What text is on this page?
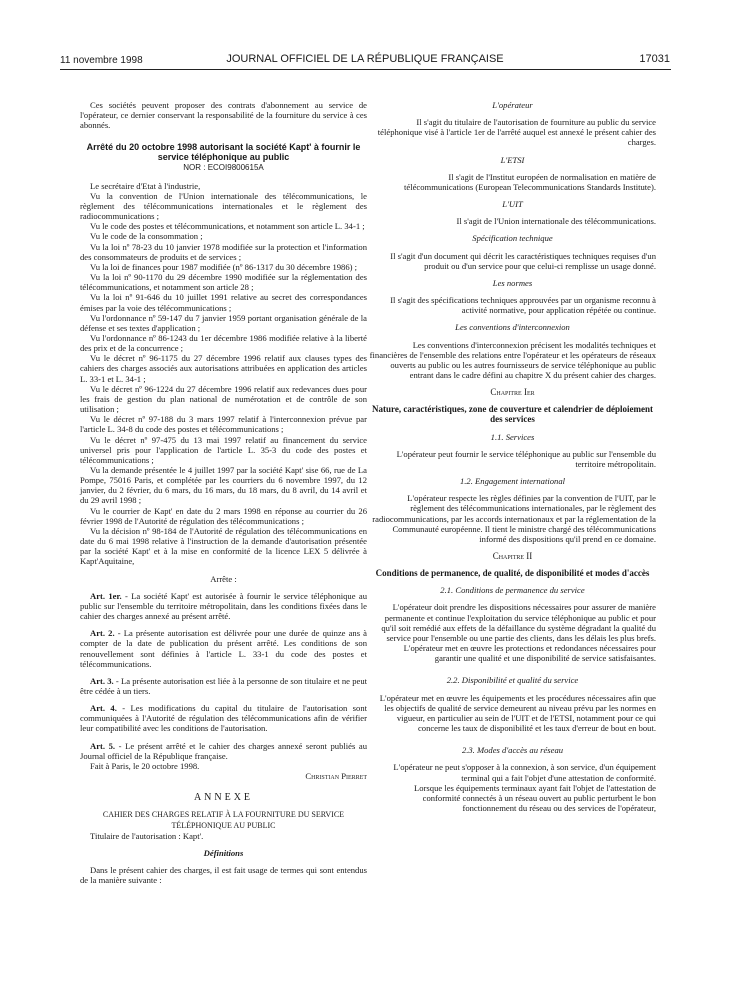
11 novembre 1998	JOURNAL OFFICIEL DE LA RÉPUBLIQUE FRANÇAISE	17031

Ces sociétés peuvent proposer des contrats d'abonnement au service de l'opérateur, ce dernier conservant la responsabilité de la fourniture du service à ces abonnés.

Arrêté du 20 octobre 1998 autorisant la société Kapt' à fournir le service téléphonique au public

NOR : ECOI9800615A

Le secrétaire d'Etat à l'industrie,

Vu la convention de l'Union internationale des télécommunications, le règlement des télécommunications internationales et le règlement des radiocommunications ;

Vu le code des postes et télécommunications, et notamment son article L. 34-1 ;

Vu le code de la consommation ;

Vu la loi nº 78-23 du 10 janvier 1978 modifiée sur la protection et l'information des consommateurs de produits et de services ;

Vu la loi de finances pour 1987 modifiée (nº 86-1317 du 30 décembre 1986) ;

Vu la loi nº 90-1170 du 29 décembre 1990 modifiée sur la réglementation des télécommunications, et notamment son article 28 ;

Vu la loi nº 91-646 du 10 juillet 1991 relative au secret des correspondances émises par la voie des télécommunications ;

Vu l'ordonnance nº 59-147 du 7 janvier 1959 portant organisation générale de la défense et ses textes d'application ;

Vu l'ordonnance nº 86-1243 du 1er décembre 1986 modifiée relative à la liberté des prix et de la concurrence ;

Vu le décret nº 96-1175 du 27 décembre 1996 relatif aux clauses types des cahiers des charges associés aux autorisations attribuées en application des articles L. 33-1 et L. 34-1 ;

Vu le décret nº 96-1224 du 27 décembre 1996 relatif aux redevances dues pour les frais de gestion du plan national de numérotation et de contrôle de son utilisation ;

Vu le décret nº 97-188 du 3 mars 1997 relatif à l'interconnexion prévue par l'article L. 34-8 du code des postes et télécommunications ;

Vu le décret nº 97-475 du 13 mai 1997 relatif au financement du service universel pris pour l'application de l'article L. 35-3 du code des postes et télécommunications ;

Vu la demande présentée le 4 juillet 1997 par la société Kapt' sise 66, rue de La Pompe, 75016 Paris, et complétée par les courriers du 6 novembre 1997, du 12 janvier, du 2 février, du 6 mars, du 16 mars, du 18 mars, du 8 avril, du 14 avril et du 29 avril 1998 ;

Vu le courrier de Kapt' en date du 2 mars 1998 en réponse au courrier du 26 février 1998 de l'Autorité de régulation des télécommunications ;

Vu la décision nº 98-184 de l'Autorité de régulation des télécommunications en date du 6 mai 1998 relative à l'instruction de la demande d'autorisation présentée par la société Kapt' et à la mise en conformité de la licence LEX 5 délivrée à Kapt'Aquitaine,

Arrête :

Art. 1er. - La société Kapt' est autorisée à fournir le service téléphonique au public sur l'ensemble du territoire métropolitain, dans les conditions fixées dans le cahier des charges annexé au présent arrêté.

Art. 2. - La présente autorisation est délivrée pour une durée de quinze ans à compter de la date de publication du présent arrêté. Les conditions de son renouvellement sont définies à l'article L. 33-1 du code des postes et télécommunications.

Art. 3. - La présente autorisation est liée à la personne de son titulaire et ne peut être cédée à un tiers.

Art. 4. - Les modifications du capital du titulaire de l'autorisation sont communiquées à l'Autorité de régulation des télécommunications afin de vérifier leur compatibilité avec les conditions de l'autorisation.

Art. 5. - Le présent arrêté et le cahier des charges annexé seront publiés au Journal officiel de la République française.

Fait à Paris, le 20 octobre 1998.

Christian Pierret

ANNEXE

CAHIER DES CHARGES RELATIF À LA FOURNITURE DU SERVICE TÉLÉPHONIQUE AU PUBLIC

Titulaire de l'autorisation : Kapt'.

Définitions

Dans le présent cahier des charges, il est fait usage de termes qui sont entendus de la manière suivante :

L'opérateur

Il s'agit du titulaire de l'autorisation de fourniture au public du service téléphonique visé à l'article 1er de l'arrêté auquel est annexé le présent cahier des charges.

L'ETSI

Il s'agit de l'Institut européen de normalisation en matière de télécommunications (European Telecommunications Standards Institute).

L'UIT

Il s'agit de l'Union internationale des télécommunications.

Spécification technique

Il s'agit d'un document qui décrit les caractéristiques techniques requises d'un produit ou d'un service pour que celui-ci remplisse un usage donné.

Les normes

Il s'agit des spécifications techniques approuvées par un organisme reconnu à activité normative, pour application répétée ou continue.

Les conventions d'interconnexion

Les conventions d'interconnexion précisent les modalités techniques et financières de l'ensemble des relations entre l'opérateur et les opérateurs de réseaux ouverts au public ou les autres fournisseurs de service téléphonique au public entrant dans le cadre défini au chapitre X du présent cahier des charges.

Chapitre Ier

Nature, caractéristiques, zone de couverture et calendrier de déploiement des services

1.1. Services

L'opérateur peut fournir le service téléphonique au public sur l'ensemble du territoire métropolitain.

1.2. Engagement international

L'opérateur respecte les règles définies par la convention de l'UIT, par le règlement des télécommunications internationales, par le règlement des radiocommunications, par les accords internationaux et par la réglementation de la Communauté européenne. Il tient le ministre chargé des télécommunications informé des dispositions qu'il prend en ce domaine.

Chapitre II

Conditions de permanence, de qualité, de disponibilité et modes d'accès

2.1. Conditions de permanence du service

L'opérateur doit prendre les dispositions nécessaires pour assurer de manière permanente et continue l'exploitation du service téléphonique au public et pour qu'il soit remédié aux effets de la défaillance du système dégradant la qualité du service pour l'ensemble ou une partie des clients, dans les délais les plus brefs.

L'opérateur met en œuvre les protections et redondances nécessaires pour garantir une qualité et une disponibilité de service satisfaisantes.

2.2. Disponibilité et qualité du service

L'opérateur met en œuvre les équipements et les procédures nécessaires afin que les objectifs de qualité de service demeurent au niveau prévu par les normes en vigueur, en particulier au sein de l'UIT et de l'ETSI, notamment pour ce qui concerne les taux de disponibilité et les taux d'erreur de bout en bout.

2.3. Modes d'accès au réseau

L'opérateur ne peut s'opposer à la connexion, à son service, d'un équipement terminal qui a fait l'objet d'une attestation de conformité.

Lorsque les équipements terminaux ayant fait l'objet de l'attestation de conformité connectés à un réseau ouvert au public perturbent le bon fonctionnement du réseau ou des services de l'opérateur,
